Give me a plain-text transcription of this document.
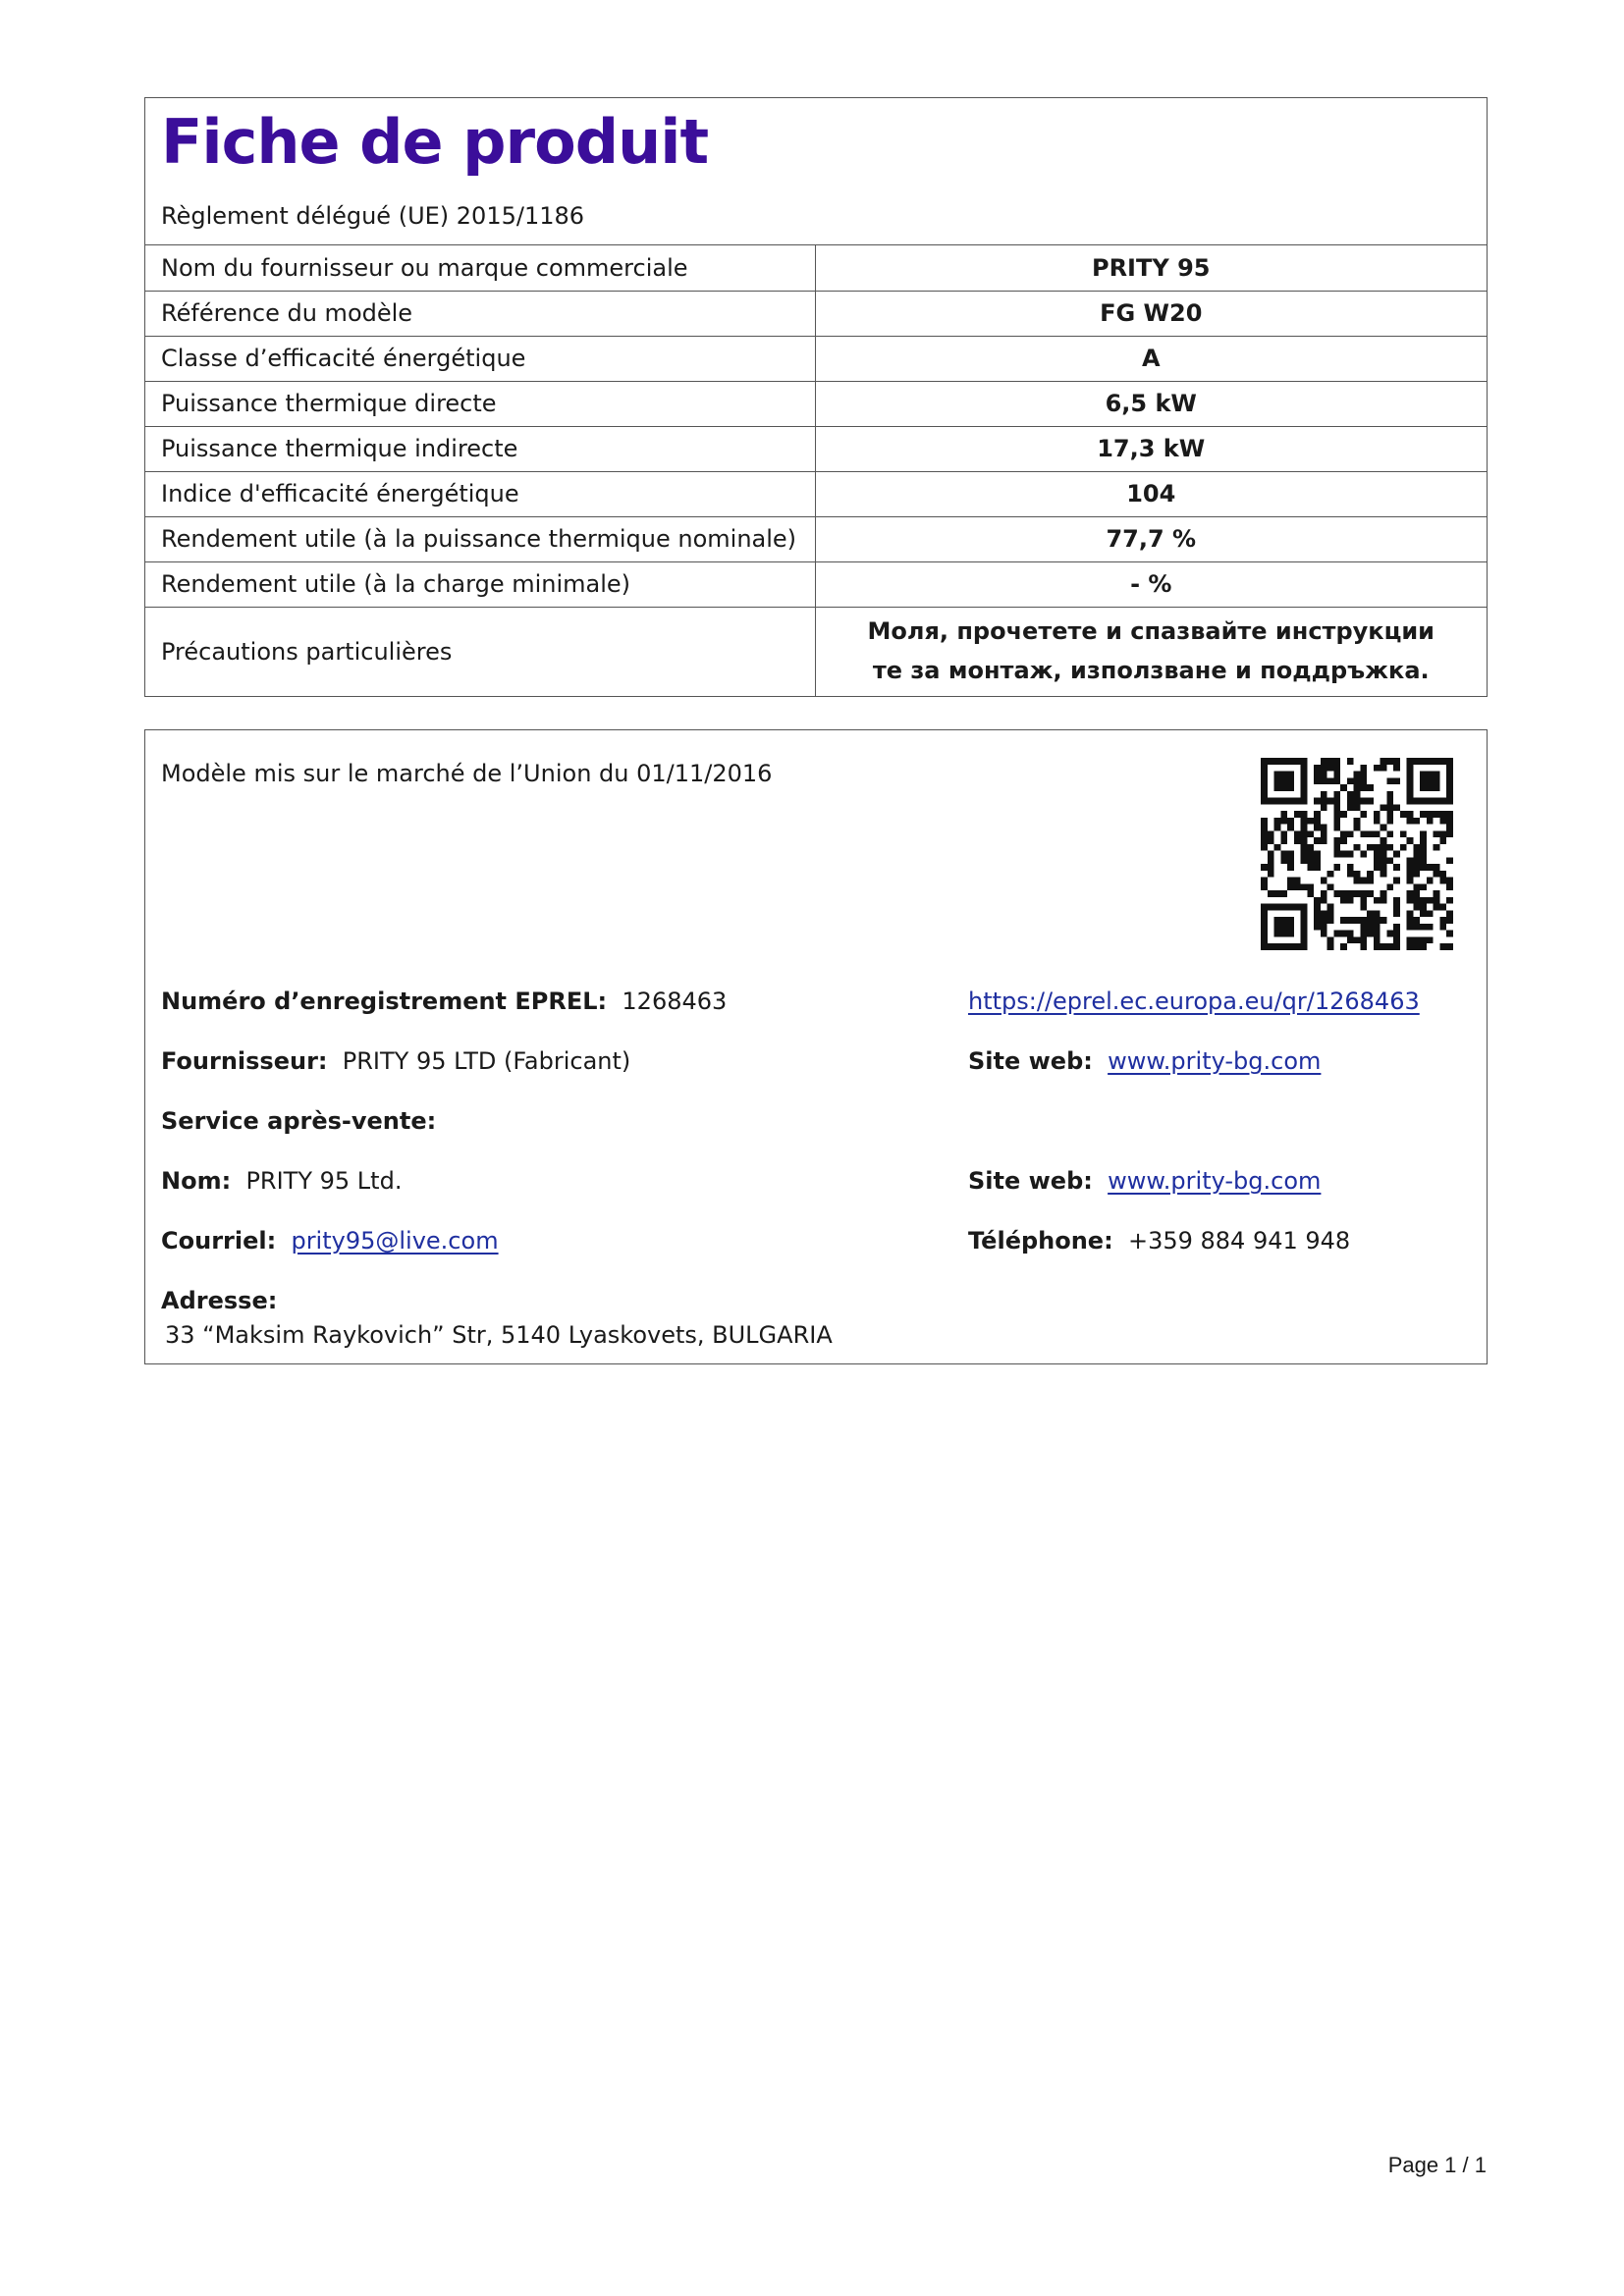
Fiche de produit
Règlement délégué (UE) 2015/1186
Nom du fournisseur ou marque commerciale	PRITY 95
Référence du modèle	FG W20
Classe d’efficacité énergétique	A
Puissance thermique directe	6,5 kW
Puissance thermique indirecte	17,3 kW
Indice d'efficacité énergétique	104
Rendement utile (à la puissance thermique nominale)	77,7 %
Rendement utile (à la charge minimale)	- %
Précautions particulières	Моля, прочетете и спазвайте инструкции
те за монтаж, използване и поддръжка.
Modèle mis sur le marché de l’Union du 01/11/2016
Numéro d’enregistrement EPREL: 1268463	https://eprel.ec.europa.eu/qr/1268463
Fournisseur: PRITY 95 LTD (Fabricant)	Site web: www.prity-bg.com
Service après-vente:
Nom: PRITY 95 Ltd.	Site web: www.prity-bg.com
Courriel: prity95@live.com	Téléphone: +359 884 941 948
Adresse:
33 “Maksim Raykovich” Str, 5140 Lyaskovets, BULGARIA
Page 1 / 1
